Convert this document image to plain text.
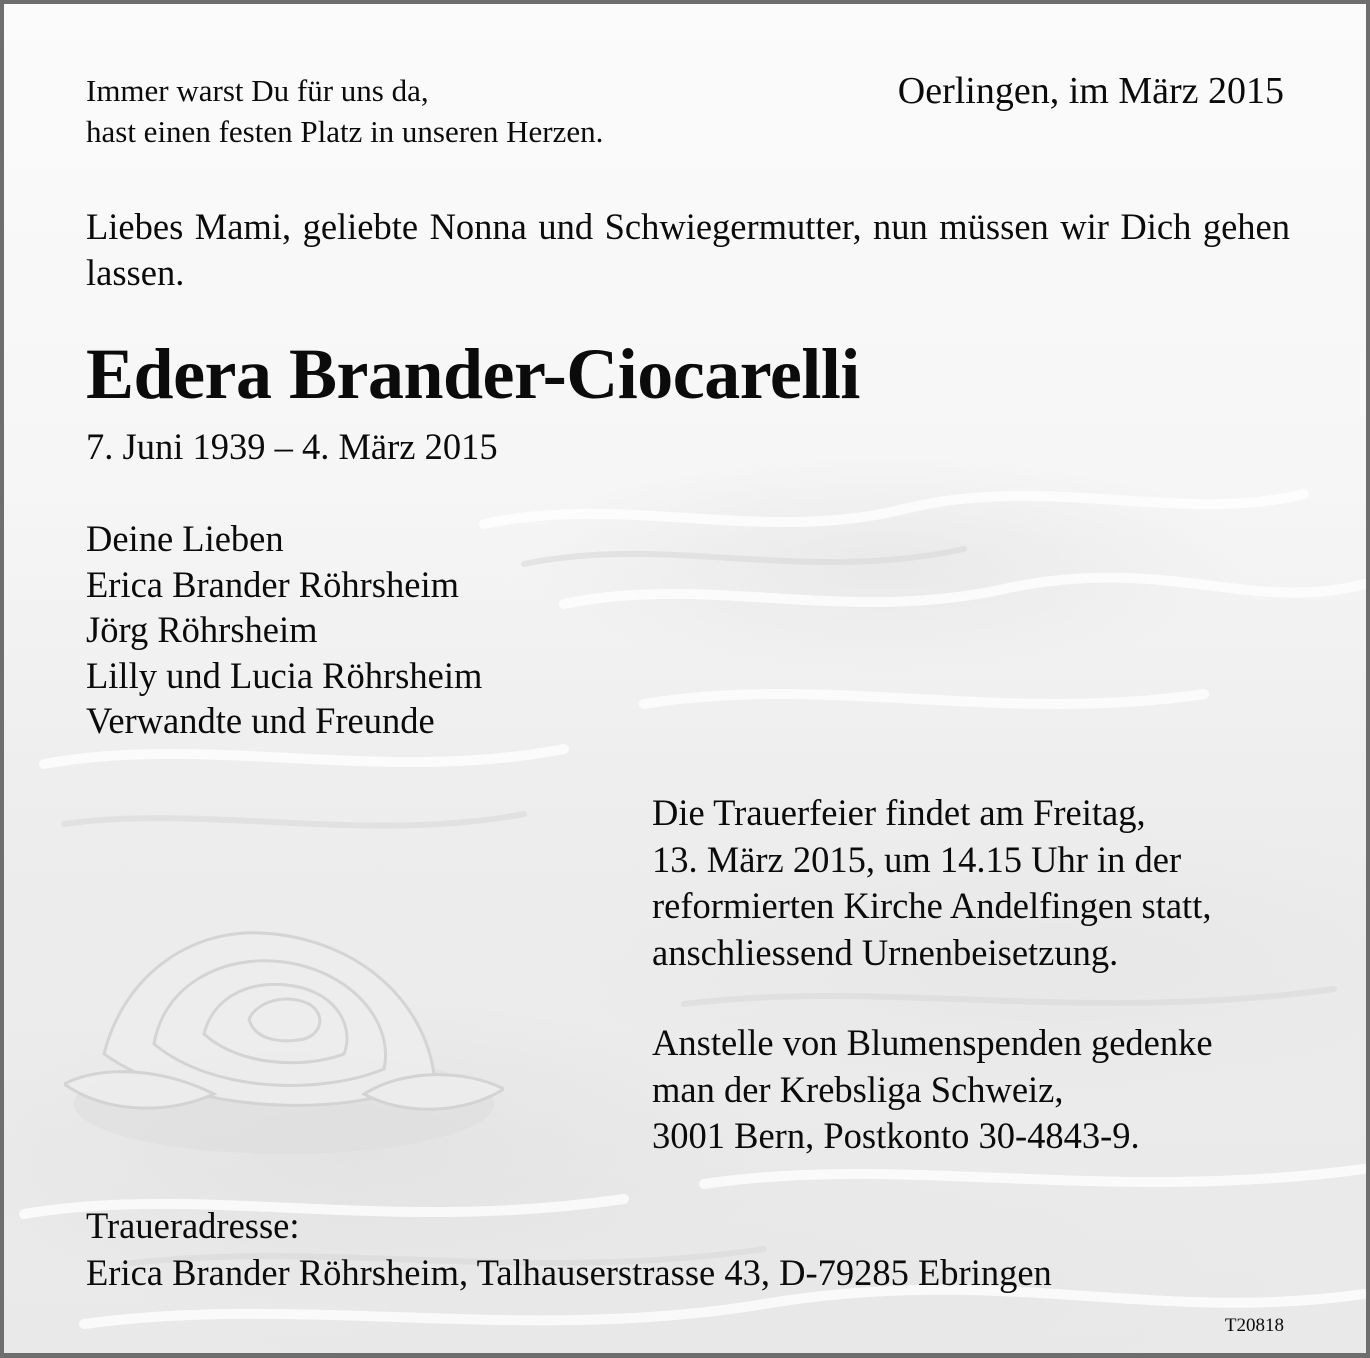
Immer warst Du für uns da,
hast einen festen Platz in unseren Herzen.
Oerlingen, im März 2015

Liebes Mami, geliebte Nonna und Schwiegermutter, nun müssen wir Dich gehen lassen.

Edera Brander-Ciocarelli
7. Juni 1939 – 4. März 2015
Deine Lieben
Erica Brander Röhrsheim
Jörg Röhrsheim
Lilly und Lucia Röhrsheim
Verwandte und Freunde
Die Trauerfeier findet am Freitag,
13. März 2015, um 14.15 Uhr in der
reformierten Kirche Andelfingen statt,
anschliessend Urnenbeisetzung.
Anstelle von Blumenspenden gedenke
man der Krebsliga Schweiz,
3001 Bern, Postkonto 30-4843-9.
Traueradresse:
Erica Brander Röhrsheim, Talhauserstrasse 43, D-79285 Ebringen
T20818
